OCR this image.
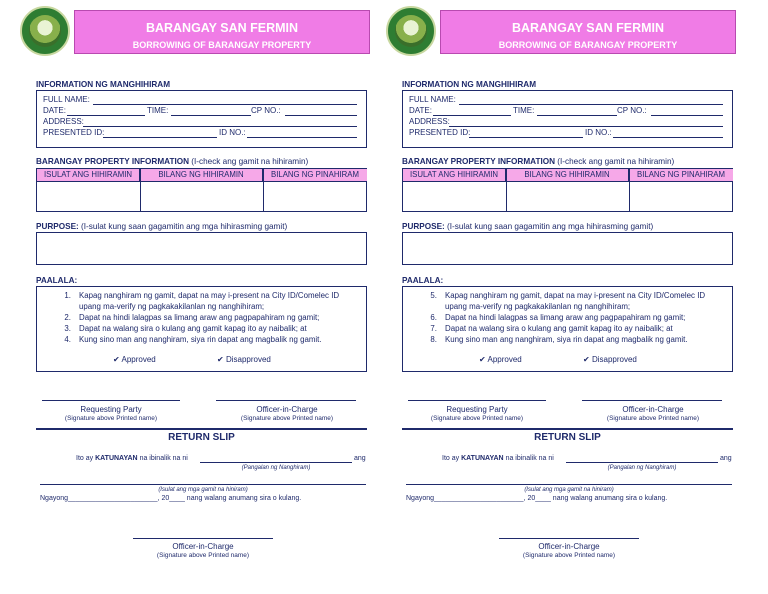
BARANGAY SAN FERMIN
BORROWING OF BARANGAY PROPERTY
INFORMATION NG MANGHIHIRAM
FULL NAME:
DATE:	TIME:	CP NO.:
ADDRESS:
PRESENTED ID:	ID NO.:
BARANGAY PROPERTY INFORMATION (I-check ang gamit na hihiramin)
ISULAT ANG HIHIRAMIN	BILANG NG HIHIRAMIN	BILANG NG PINAHIRAM
PURPOSE: (I-sulat kung saan gagamitin ang mga hihirasming gamit)
PAALALA:
1. Kapag nanghiram ng gamit, dapat na may i-present na City ID/Comelec ID upang ma-verify ng pagkakakilanlan ng nanghihiram;
2. Dapat na hindi lalagpas sa limang araw ang pagpapahiram ng gamit;
3. Dapat na walang sira o kulang ang gamit kapag ito ay naibalik; at
4. Kung sino man ang nanghiram, siya rin dapat ang magbalik ng gamit.
✔︎ Approved	✔︎ Disapproved
Requesting Party
(Signature above Printed name)
Officer-in-Charge
(Signature above Printed name)
RETURN SLIP
Ito ay KATUNAYAN na ibinalik na ni	ang
(Pangalan ng Nanghiram)
(Isulat ang mga gamit na hiniram)
Ngayong_______________________, 20____ nang walang anumang sira o kulang.
Officer-in-Charge
(Signature above Printed name)
BARANGAY SAN FERMIN
BORROWING OF BARANGAY PROPERTY
INFORMATION NG MANGHIHIRAM
FULL NAME:
DATE:	TIME:	CP NO.:
ADDRESS:
PRESENTED ID:	ID NO.:
BARANGAY PROPERTY INFORMATION (I-check ang gamit na hihiramin)
ISULAT ANG HIHIRAMIN	BILANG NG HIHIRAMIN	BILANG NG PINAHIRAM
PURPOSE: (I-sulat kung saan gagamitin ang mga hihirasming gamit)
PAALALA:
5. Kapag nanghiram ng gamit, dapat na may i-present na City ID/Comelec ID upang ma-verify ng pagkakakilanlan ng nanghihiram;
6. Dapat na hindi lalagpas sa limang araw ang pagpapahiram ng gamit;
7. Dapat na walang sira o kulang ang gamit kapag ito ay naibalik; at
8. Kung sino man ang nanghiram, siya rin dapat ang magbalik ng gamit.
✔︎ Approved	✔︎ Disapproved
Requesting Party
(Signature above Printed name)
Officer-in-Charge
(Signature above Printed name)
RETURN SLIP
Ito ay KATUNAYAN na ibinalik na ni	ang
(Pangalan ng Nanghiram)
(Isulat ang mga gamit na hiniram)
Ngayong_______________________, 20____ nang walang anumang sira o kulang.
Officer-in-Charge
(Signature above Printed name)
